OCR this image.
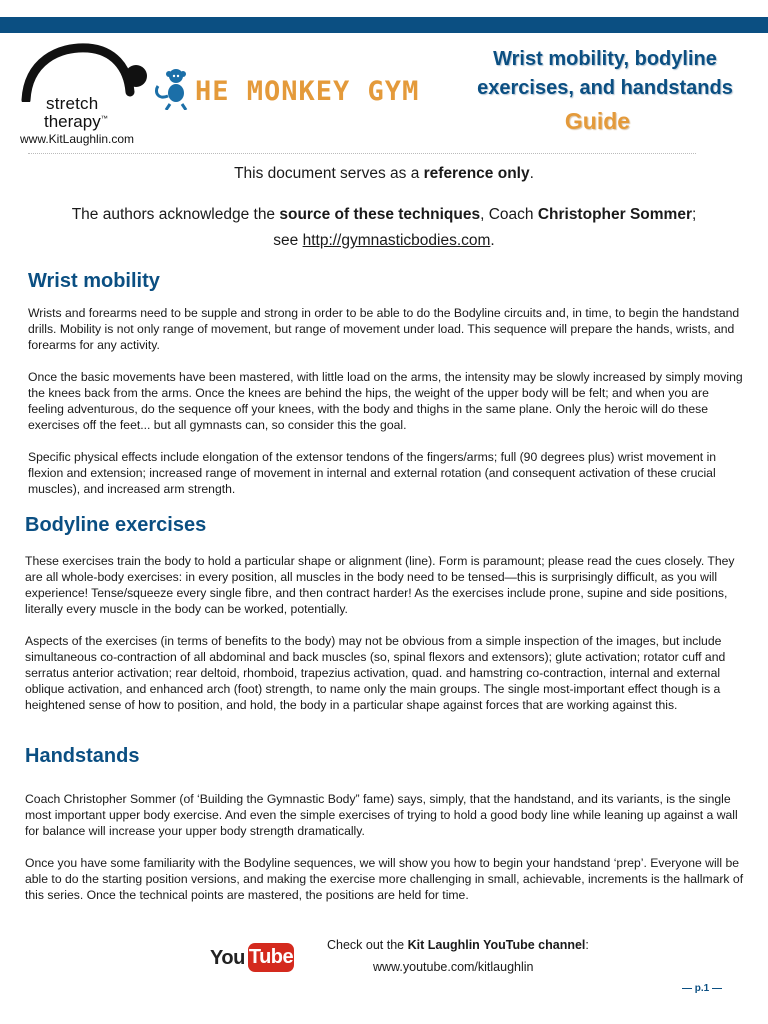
stretch
therapy™
www.KitLaughlin.com
HE MONKEY GYM
Wrist mobility, bodyline
exercises, and handstands
Guide
This document serves as a reference only.
The authors acknowledge the source of these techniques, Coach Christopher Sommer;
see http://gymnasticbodies.com.
Wrist mobility

Wrists and forearms need to be supple and strong in order to be able to do the Bodyline circuits and, in time, to begin the handstand drills. Mobility is not only range of movement, but range of movement under load. This sequence will prepare the hands, wrists, and forearms for any activity.

Once the basic movements have been mastered, with little load on the arms, the intensity may be slowly increased by simply moving the knees back from the arms. Once the knees are behind the hips, the weight of the upper body will be felt; and when you are feeling adventurous, do the sequence off your knees, with the body and thighs in the same plane. Only the heroic will do these exercises off the feet... but all gymnasts can, so consider this the goal.

Specific physical effects include elongation of the extensor tendons of the fingers/arms; full (90 degrees plus) wrist movement in flexion and extension; increased range of movement in internal and external rotation (and consequent activation of these crucial muscles), and increased arm strength.

Bodyline exercises

These exercises train the body to hold a particular shape or alignment (line). Form is paramount; please read the cues closely. They are all whole-body exercises: in every position, all muscles in the body need to be tensed—this is surprisingly difficult, as you will experience! Tense/squeeze every single fibre, and then contract harder! As the exercises include prone, supine and side positions, literally every muscle in the body can be worked, potentially.

Aspects of the exercises (in terms of benefits to the body) may not be obvious from a simple inspection of the images, but include simultaneous co-contraction of all abdominal and back muscles (so, spinal flexors and extensors); glute activation; rotator cuff and serratus anterior activation; rear deltoid, rhomboid, trapezius activation, quad. and hamstring co-contraction, internal and external oblique activation, and enhanced arch (foot) strength, to name only the main groups. The single most-important effect though is a heightened sense of how to position, and hold, the body in a particular shape against forces that are working against this.

Handstands

Coach Christopher Sommer (of ‘Building the Gymnastic Body” fame) says, simply, that the handstand, and its variants, is the single most important upper body exercise. And even the simple exercises of trying to hold a good body line while leaning up against a wall for balance will increase your upper body strength dramatically.

Once you have some familiarity with the Bodyline sequences, we will show you how to begin your handstand ‘prep’. Everyone will be able to do the starting position versions, and making the exercise more challenging in small, achievable, increments is the hallmark of this series. Once the technical points are mastered, the positions are held for time.

You Tube
Check out the Kit Laughlin YouTube channel:
www.youtube.com/kitlaughlin
— p.1 —
